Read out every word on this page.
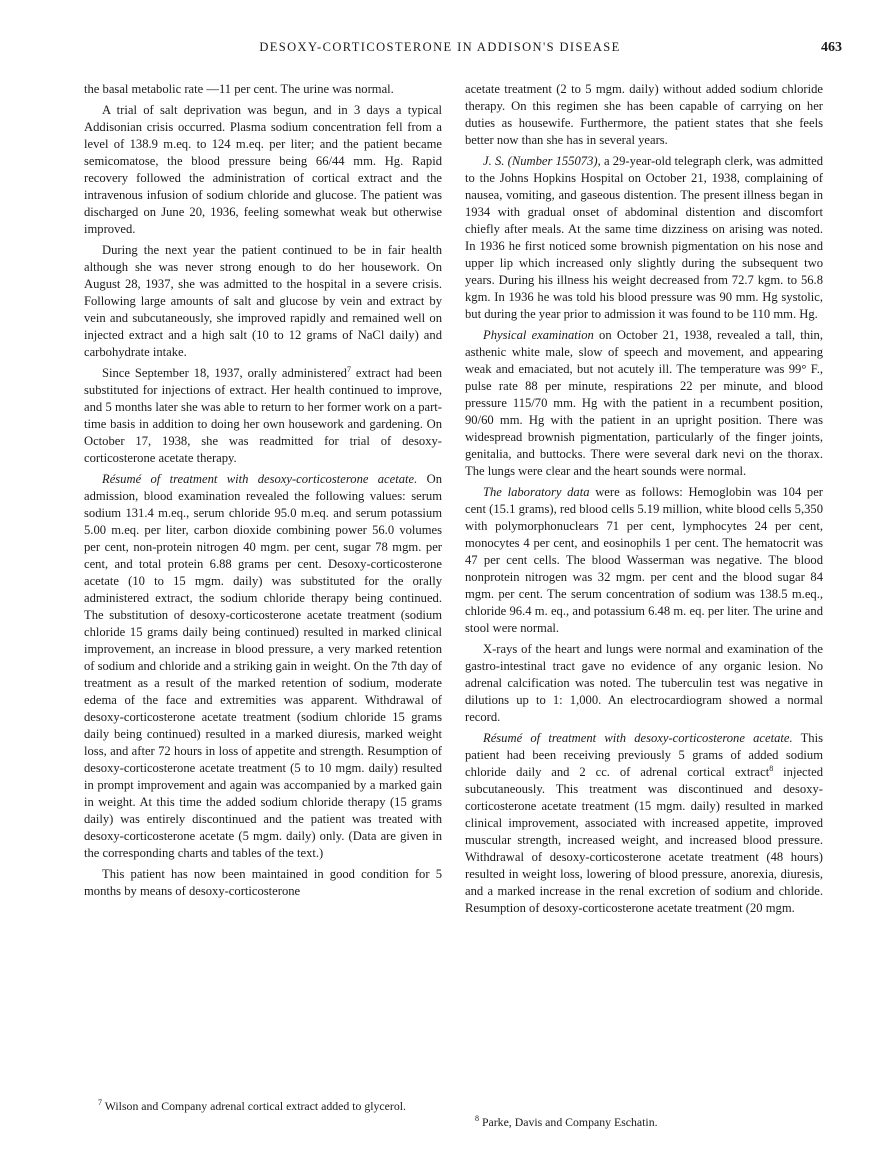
DESOXY-CORTICOSTERONE IN ADDISON'S DISEASE	463

the basal metabolic rate —11 per cent. The urine was normal.

A trial of salt deprivation was begun, and in 3 days a typical Addisonian crisis occurred. Plasma sodium concentration fell from a level of 138.9 m.eq. to 124 m.eq. per liter; and the patient became semicomatose, the blood pressure being 66/44 mm. Hg. Rapid recovery followed the administration of cortical extract and the intravenous infusion of sodium chloride and glucose. The patient was discharged on June 20, 1936, feeling somewhat weak but otherwise improved.

During the next year the patient continued to be in fair health although she was never strong enough to do her housework. On August 28, 1937, she was admitted to the hospital in a severe crisis. Following large amounts of salt and glucose by vein and extract by vein and subcutaneously, she improved rapidly and remained well on injected extract and a high salt (10 to 12 grams of NaCl daily) and carbohydrate intake.

Since September 18, 1937, orally administered$^7$ extract had been substituted for injections of extract. Her health continued to improve, and 5 months later she was able to return to her former work on a part-time basis in addition to doing her own housework and gardening. On October 17, 1938, she was readmitted for trial of desoxy-corticosterone acetate therapy.

Résumé of treatment with desoxy-corticosterone acetate. On admission, blood examination revealed the following values: serum sodium 131.4 m.eq., serum chloride 95.0 m.eq. and serum potassium 5.00 m.eq. per liter, carbon dioxide combining power 56.0 volumes per cent, non-protein nitrogen 40 mgm. per cent, sugar 78 mgm. per cent, and total protein 6.88 grams per cent. Desoxy-corticosterone acetate (10 to 15 mgm. daily) was substituted for the orally administered extract, the sodium chloride therapy being continued. The substitution of desoxy-corticosterone acetate treatment (sodium chloride 15 grams daily being continued) resulted in marked clinical improvement, an increase in blood pressure, a very marked retention of sodium and chloride and a striking gain in weight. On the 7th day of treatment as a result of the marked retention of sodium, moderate edema of the face and extremities was apparent. Withdrawal of desoxy-corticosterone acetate treatment (sodium chloride 15 grams daily being continued) resulted in a marked diuresis, marked weight loss, and after 72 hours in loss of appetite and strength. Resumption of desoxy-corticosterone acetate treatment (5 to 10 mgm. daily) resulted in prompt improvement and again was accompanied by a marked gain in weight. At this time the added sodium chloride therapy (15 grams daily) was entirely discontinued and the patient was treated with desoxy-corticosterone acetate (5 mgm. daily) only. (Data are given in the corresponding charts and tables of the text.)

This patient has now been maintained in good condition for 5 months by means of desoxy-corticosterone

$^7$ Wilson and Company adrenal cortical extract added to glycerol.

acetate treatment (2 to 5 mgm. daily) without added sodium chloride therapy. On this regimen she has been capable of carrying on her duties as housewife. Furthermore, the patient states that she feels better now than she has in several years.

J. S. (Number 155073), a 29-year-old telegraph clerk, was admitted to the Johns Hopkins Hospital on October 21, 1938, complaining of nausea, vomiting, and gaseous distention. The present illness began in 1934 with gradual onset of abdominal distention and discomfort chiefly after meals. At the same time dizziness on arising was noted. In 1936 he first noticed some brownish pigmentation on his nose and upper lip which increased only slightly during the subsequent two years. During his illness his weight decreased from 72.7 kgm. to 56.8 kgm. In 1936 he was told his blood pressure was 90 mm. Hg systolic, but during the year prior to admission it was found to be 110 mm. Hg.

Physical examination on October 21, 1938, revealed a tall, thin, asthenic white male, slow of speech and movement, and appearing weak and emaciated, but not acutely ill. The temperature was 99° F., pulse rate 88 per minute, respirations 22 per minute, and blood pressure 115/70 mm. Hg with the patient in a recumbent position, 90/60 mm. Hg with the patient in an upright position. There was widespread brownish pigmentation, particularly of the finger joints, genitalia, and buttocks. There were several dark nevi on the thorax. The lungs were clear and the heart sounds were normal.

The laboratory data were as follows: Hemoglobin was 104 per cent (15.1 grams), red blood cells 5.19 million, white blood cells 5,350 with polymorphonuclears 71 per cent, lymphocytes 24 per cent, monocytes 4 per cent, and eosinophils 1 per cent. The hematocrit was 47 per cent cells. The blood Wasserman was negative. The blood nonprotein nitrogen was 32 mgm. per cent and the blood sugar 84 mgm. per cent. The serum concentration of sodium was 138.5 m.eq., chloride 96.4 m. eq., and potassium 6.48 m. eq. per liter. The urine and stool were normal.

X-rays of the heart and lungs were normal and examination of the gastro-intestinal tract gave no evidence of any organic lesion. No adrenal calcification was noted. The tuberculin test was negative in dilutions up to 1: 1,000. An electrocardiogram showed a normal record.

Résumé of treatment with desoxy-corticosterone acetate. This patient had been receiving previously 5 grams of added sodium chloride daily and 2 cc. of adrenal cortical extract$^8$ injected subcutaneously. This treatment was discontinued and desoxy-corticosterone acetate treatment (15 mgm. daily) resulted in marked clinical improvement, associated with increased appetite, improved muscular strength, increased weight, and increased blood pressure. Withdrawal of desoxy-corticosterone acetate treatment (48 hours) resulted in weight loss, lowering of blood pressure, anorexia, diuresis, and a marked increase in the renal excretion of sodium and chloride. Resumption of desoxy-corticosterone acetate treatment (20 mgm.

$^8$ Parke, Davis and Company Eschatin.
